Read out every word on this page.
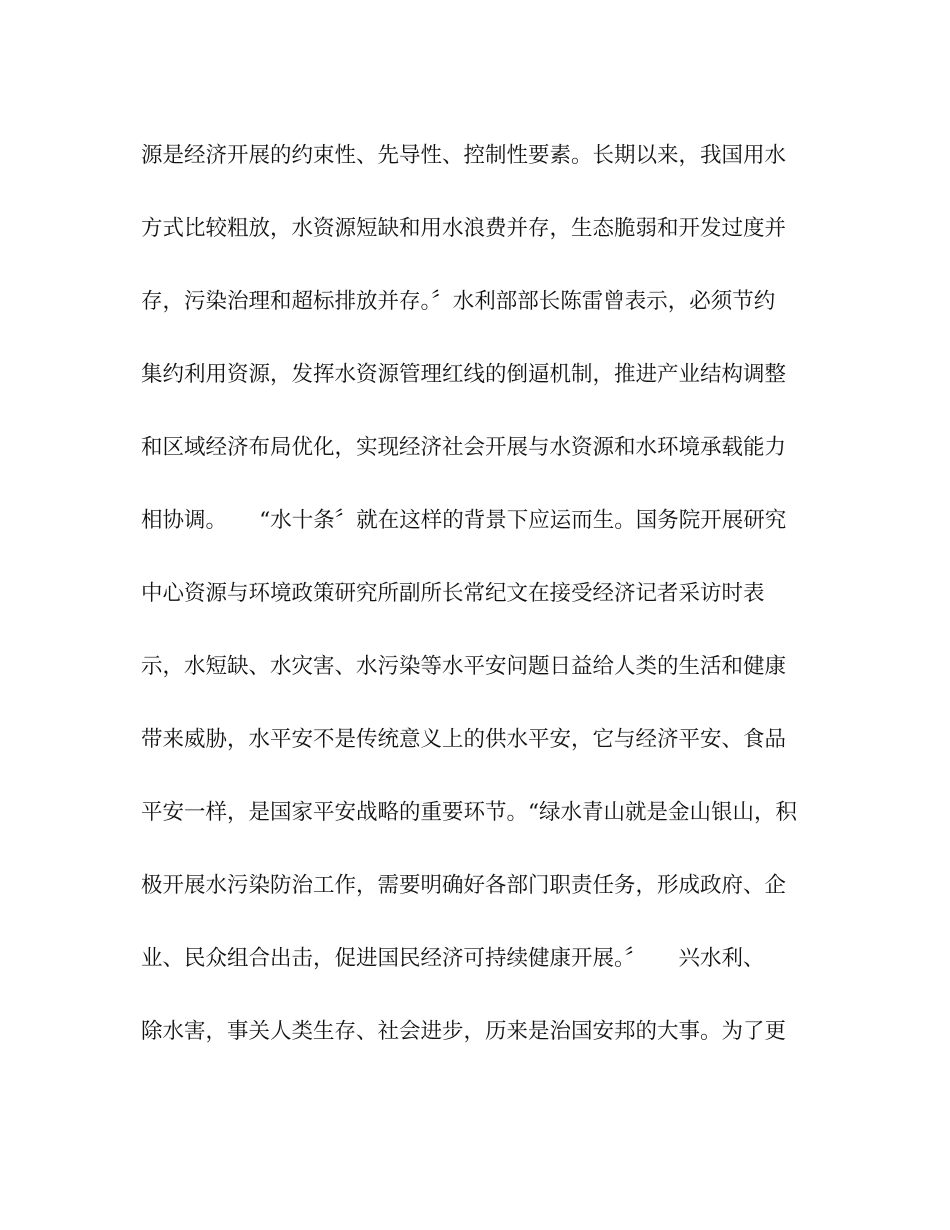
源是经济开展的约束性、先导性、控制性要素。长期以来，我国用水
方式比较粗放，水资源短缺和用水浪费并存，生态脆弱和开发过度并
存，污染治理和超标排放并存。〞水利部部长陈雷曾表示，必须节约
集约利用资源，发挥水资源管理红线的倒逼机制，推进产业结构调整
和区域经济布局优化，实现经济社会开展与水资源和水环境承载能力
相协调。　　“水十条〞就在这样的背景下应运而生。国务院开展研究
中心资源与环境政策研究所副所长常纪文在接受经济记者采访时表
示，水短缺、水灾害、水污染等水平安问题日益给人类的生活和健康
带来威胁，水平安不是传统意义上的供水平安，它与经济平安、食品
平安一样，是国家平安战略的重要环节。“绿水青山就是金山银山，积
极开展水污染防治工作，需要明确好各部门职责任务，形成政府、企
业、民众组合出击，促进国民经济可持续健康开展。〞　　兴水利、
除水害，事关人类生存、社会进步，历来是治国安邦的大事。为了更
